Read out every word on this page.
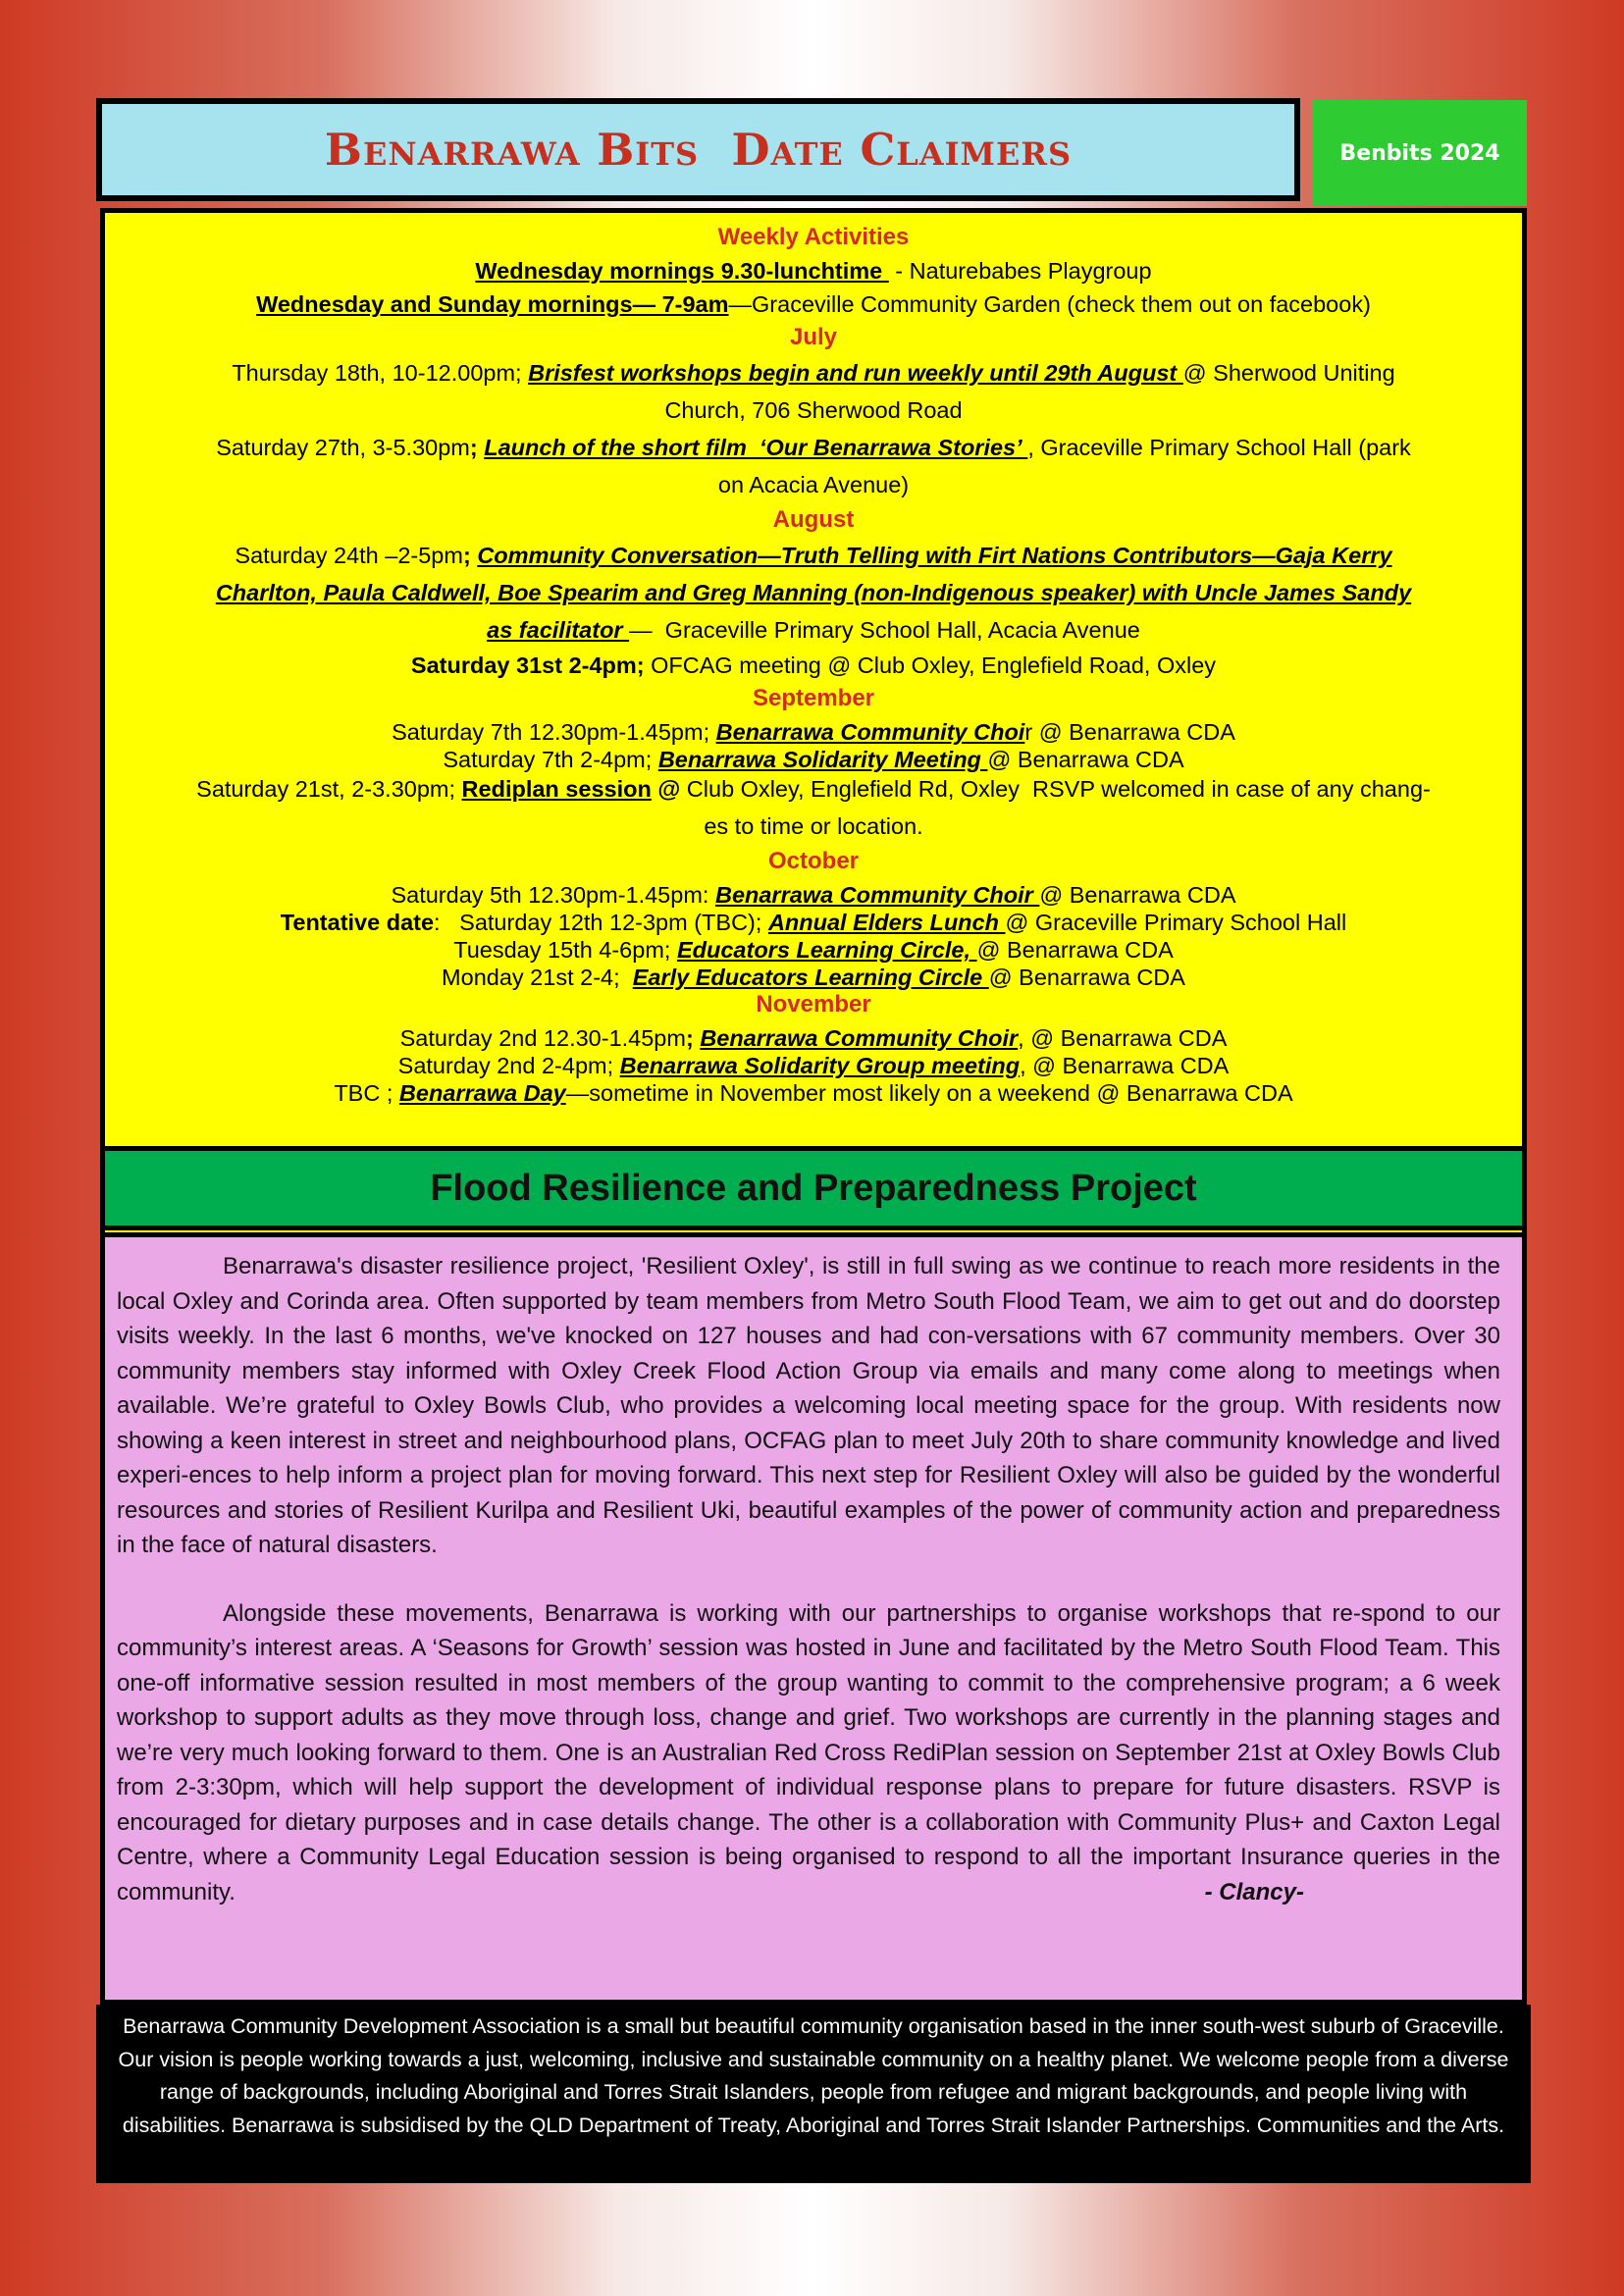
Benarrawa Bits  Date Claimers	Benbits 2024
Weekly Activities
Wednesday mornings 9.30-lunchtime  - Naturebabes Playgroup
Wednesday and Sunday mornings— 7-9am—Graceville Community Garden (check them out on facebook)
July
Thursday 18th, 10-12.00pm; Brisfest workshops begin and run weekly until 29th August @ Sherwood Uniting
Church, 706 Sherwood Road
Saturday 27th, 3-5.30pm; Launch of the short film  ‘Our Benarrawa Stories’ , Graceville Primary School Hall (park
on Acacia Avenue)
August
Saturday 24th –2-5pm; Community Conversation—Truth Telling with Firt Nations Contributors—Gaja Kerry
Charlton, Paula Caldwell, Boe Spearim and Greg Manning (non-Indigenous speaker) with Uncle James Sandy
as facilitator —  Graceville Primary School Hall, Acacia Avenue
Saturday 31st 2-4pm; OFCAG meeting @ Club Oxley, Englefield Road, Oxley
September
Saturday 7th 12.30pm-1.45pm; Benarrawa Community Choir @ Benarrawa CDA
Saturday 7th 2-4pm; Benarrawa Solidarity Meeting @ Benarrawa CDA
Saturday 21st, 2-3.30pm; Rediplan session @ Club Oxley, Englefield Rd, Oxley  RSVP welcomed in case of any chang-
es to time or location.
October
Saturday 5th 12.30pm-1.45pm: Benarrawa Community Choir @ Benarrawa CDA
Tentative date:   Saturday 12th 12-3pm (TBC); Annual Elders Lunch @ Graceville Primary School Hall
Tuesday 15th 4-6pm; Educators Learning Circle, @ Benarrawa CDA
Monday 21st 2-4;  Early Educators Learning Circle @ Benarrawa CDA
November
Saturday 2nd 12.30-1.45pm; Benarrawa Community Choir, @ Benarrawa CDA
Saturday 2nd 2-4pm; Benarrawa Solidarity Group meeting, @ Benarrawa CDA
TBC ; Benarrawa Day—sometime in November most likely on a weekend @ Benarrawa CDA
Flood Resilience and Preparedness Project

Benarrawa's disaster resilience project, 'Resilient Oxley', is still in full swing as we continue to reach more residents in the local Oxley and Corinda area. Often supported by team members from Metro South Flood Team, we aim to get out and do doorstep visits weekly. In the last 6 months, we've knocked on 127 houses and had con-versations with 67 community members. Over 30 community members stay informed with Oxley Creek Flood Action Group via emails and many come along to meetings when available. We’re grateful to Oxley Bowls Club, who provides a welcoming local meeting space for the group. With residents now showing a keen interest in street and neighbourhood plans, OCFAG plan to meet July 20th to share community knowledge and lived experi-ences to help inform a project plan for moving forward. This next step for Resilient Oxley will also be guided by the wonderful resources and stories of Resilient Kurilpa and Resilient Uki, beautiful examples of the power of community action and preparedness in the face of natural disasters.

Alongside these movements, Benarrawa is working with our partnerships to organise workshops that re-spond to our community’s interest areas. A ‘Seasons for Growth’ session was hosted in June and facilitated by the Metro South Flood Team. This one-off informative session resulted in most members of the group wanting to commit to the comprehensive program; a 6 week workshop to support adults as they move through loss, change and grief. Two workshops are currently in the planning stages and we’re very much looking forward to them. One is an Australian Red Cross RediPlan session on September 21st at Oxley Bowls Club from 2-3:30pm, which will help support the development of individual response plans to prepare for future disasters. RSVP is encouraged for dietary purposes and in case details change. The other is a collaboration with Community Plus+ and Caxton Legal Centre, where a Community Legal Education session is being organised to respond to all the important Insurance queries in the community.	- Clancy-

Benarrawa Community Development Association is a small but beautiful community organisation based in the inner south-west suburb of Graceville. Our vision is people working towards a just, welcoming, inclusive and sustainable community on a healthy planet. We welcome people from a diverse range of backgrounds, including Aboriginal and Torres Strait Islanders, people from refugee and migrant backgrounds, and people living with disabilities. Benarrawa is subsidised by the QLD Department of Treaty, Aboriginal and Torres Strait Islander Partnerships. Communities and the Arts.
